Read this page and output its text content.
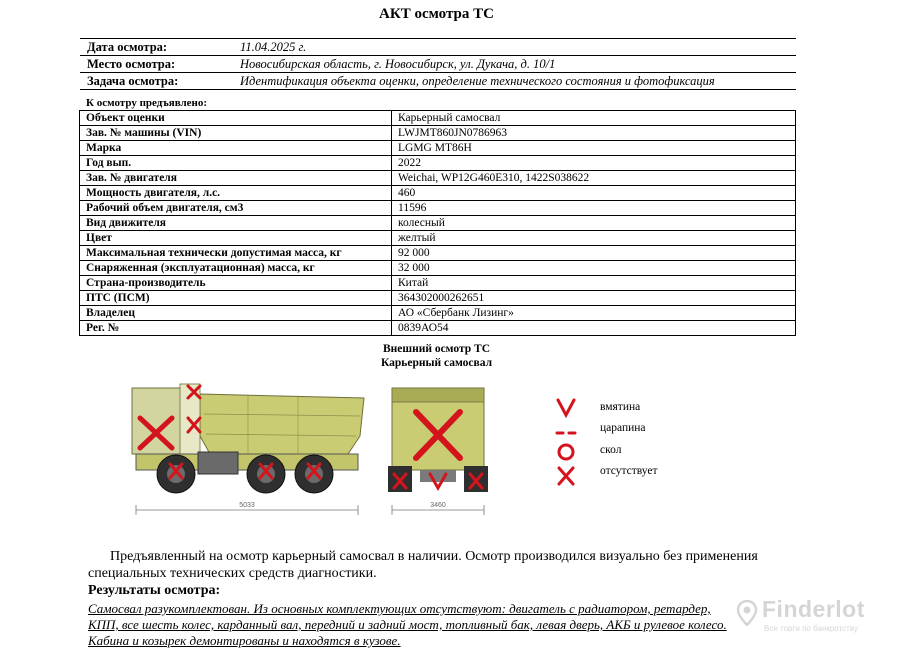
АКТ осмотра ТС
Дата осмотра:	11.04.2025 г.
Место осмотра:	Новосибирская область, г. Новосибирск, ул. Дукача, д. 10/1
Задача осмотра:	Идентификация объекта оценки, определение технического состояния и фотофиксация
К осмотру предъявлено:
Объект оценки	Карьерный самосвал
Зав. № машины (VIN)	LWJMT860JN0786963
Марка	LGMG MT86H
Год вып.	2022
Зав. № двигателя	Weichai, WP12G460E310, 1422S038622
Мощность двигателя, л.с.	460
Рабочий объем двигателя, см3	11596
Вид движителя	колесный
Цвет	желтый
Максимальная технически допустимая масса, кг	92 000
Снаряженная (эксплуатационная) масса, кг	32 000
Страна-производитель	Китай
ПТС (ПСМ)	364302000262651
Владелец	АО «Сбербанк Лизинг»
Рег. №	0839АО54
Внешний осмотр ТС
Карьерный самосвал
5033	3460
вмятина
царапина
скол
отсутствует
Предъявленный на осмотр карьерный самосвал в наличии. Осмотр производился визуально без применения специальных технических средств диагностики.
Результаты осмотра:
Самосвал разукомплектован. Из основных комплектующих отсутствуют: двигатель с радиатором, ретардер,
КПП, все шесть колес, карданный вал, передний и задний мост, топливный бак, левая дверь, АКБ и рулевое колесо.
Кабина и козырек демонтированы и находятся в кузове.
Finderlot
Все торги по банкротству
